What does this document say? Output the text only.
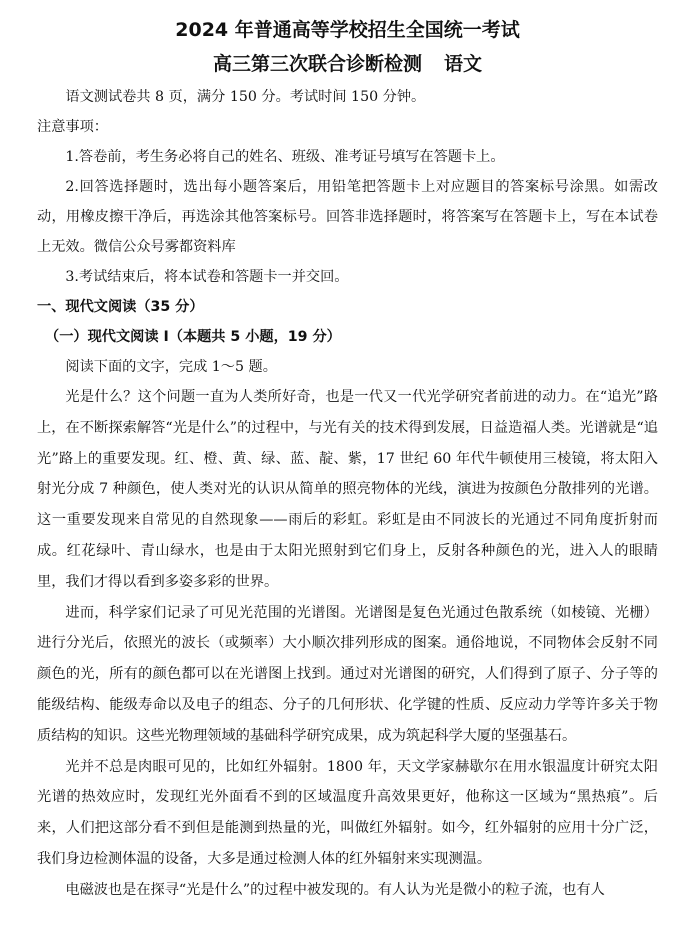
2024 年普通高等学校招生全国统一考试
高三第三次联合诊断检测 语文

语文测试卷共 8 页，满分 150 分。考试时间 150 分钟。

注意事项：

1.答卷前，考生务必将自己的姓名、班级、准考证号填写在答题卡上。

2.回答选择题时，选出每小题答案后，用铅笔把答题卡上对应题目的答案标号涂黑。如需改动，用橡皮擦干净后，再选涂其他答案标号。回答非选择题时，将答案写在答题卡上，写在本试卷上无效。微信公众号雾都资料库

3.考试结束后，将本试卷和答题卡一并交回。

一、现代文阅读（35 分）

（一）现代文阅读 I（本题共 5 小题，19 分）

阅读下面的文字，完成 1～5 题。

光是什么？这个问题一直为人类所好奇，也是一代又一代光学研究者前进的动力。在“追光”路上，在不断探索解答“光是什么”的过程中，与光有关的技术得到发展，日益造福人类。光谱就是“追光”路上的重要发现。红、橙、黄、绿、蓝、靛、紫，17 世纪 60 年代牛顿使用三棱镜，将太阳入射光分成 7 种颜色，使人类对光的认识从简单的照亮物体的光线，演进为按颜色分散排列的光谱。这一重要发现来自常见的自然现象——雨后的彩虹。彩虹是由不同波长的光通过不同角度折射而成。红花绿叶、青山绿水，也是由于太阳光照射到它们身上，反射各种颜色的光，进入人的眼睛里，我们才得以看到多姿多彩的世界。

进而，科学家们记录了可见光范围的光谱图。光谱图是复色光通过色散系统（如棱镜、光栅）进行分光后，依照光的波长（或频率）大小顺次排列形成的图案。通俗地说，不同物体会反射不同颜色的光，所有的颜色都可以在光谱图上找到。通过对光谱图的研究，人们得到了原子、分子等的能级结构、能级寿命以及电子的组态、分子的几何形状、化学键的性质、反应动力学等许多关于物质结构的知识。这些光物理领域的基础科学研究成果，成为筑起科学大厦的坚强基石。

光并不总是肉眼可见的，比如红外辐射。1800 年，天文学家赫歇尔在用水银温度计研究太阳光谱的热效应时，发现红光外面看不到的区域温度升高效果更好，他称这一区域为“黑热痕”。后来，人们把这部分看不到但是能测到热量的光，叫做红外辐射。如今，红外辐射的应用十分广泛，我们身边检测体温的设备，大多是通过检测人体的红外辐射来实现测温。

电磁波也是在探寻“光是什么”的过程中被发现的。有人认为光是微小的粒子流，也有人
